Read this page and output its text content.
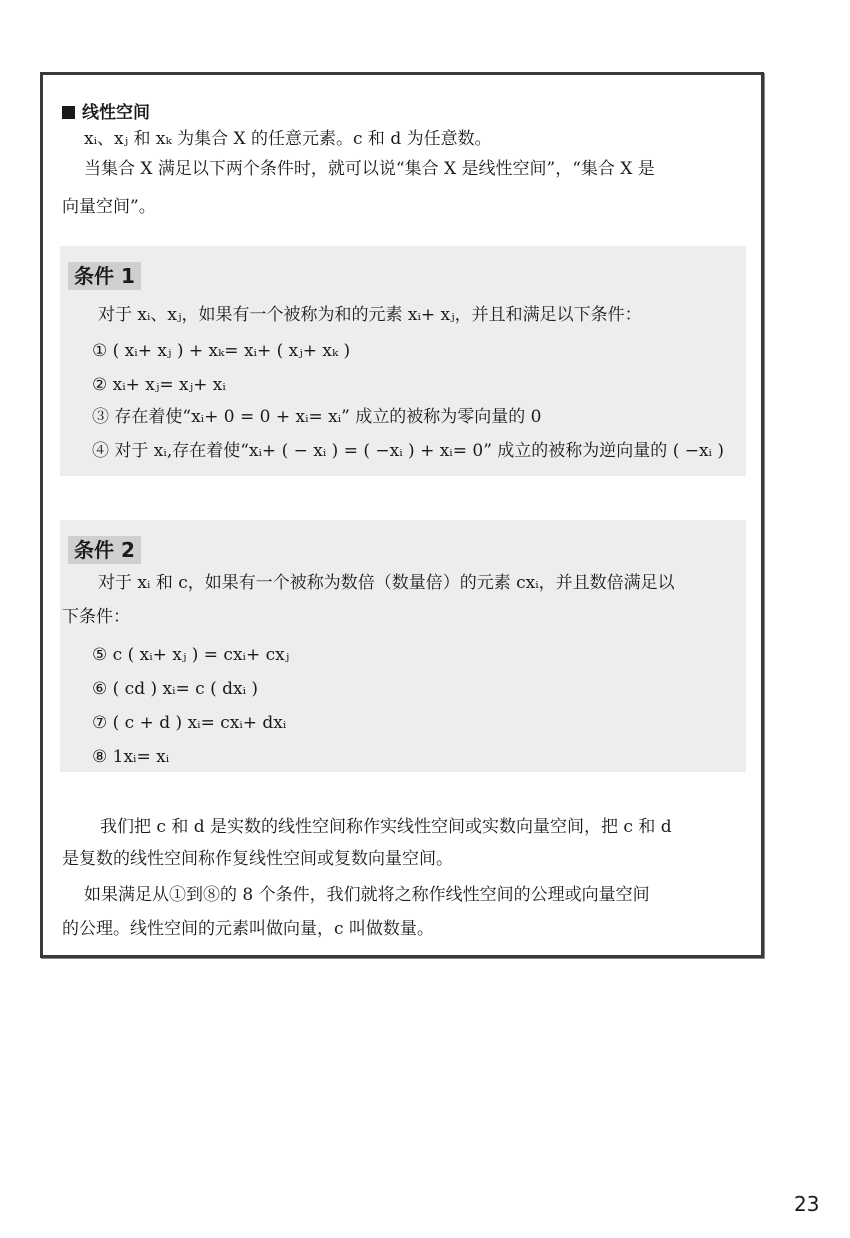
线性空间
xᵢ、xⱼ 和 xₖ 为集合 X 的任意元素。c 和 d 为任意数。
当集合 X 满足以下两个条件时，就可以说“集合 X 是线性空间”，“集合 X 是
向量空间”。
条件 1
对于 xᵢ、xⱼ，如果有一个被称为和的元素 xᵢ+ xⱼ，并且和满足以下条件：
① ( xᵢ+ xⱼ ) + xₖ= xᵢ+ ( xⱼ+ xₖ )
② xᵢ+ xⱼ= xⱼ+ xᵢ
③ 存在着使“xᵢ+ 0 = 0 + xᵢ= xᵢ” 成立的被称为零向量的 0
④ 对于 xᵢ,存在着使“xᵢ+ ( − xᵢ ) = ( −xᵢ ) + xᵢ= 0” 成立的被称为逆向量的 ( −xᵢ )
条件 2
对于 xᵢ 和 c，如果有一个被称为数倍（数量倍）的元素 cxᵢ，并且数倍满足以
下条件：
⑤ c ( xᵢ+ xⱼ ) = cxᵢ+ cxⱼ
⑥ ( cd ) xᵢ= c ( dxᵢ )
⑦ ( c + d ) xᵢ= cxᵢ+ dxᵢ
⑧ 1xᵢ= xᵢ
我们把 c 和 d 是实数的线性空间称作实线性空间或实数向量空间，把 c 和 d
是复数的线性空间称作复线性空间或复数向量空间。
如果满足从①到⑧的 8 个条件，我们就将之称作线性空间的公理或向量空间
的公理。线性空间的元素叫做向量，c 叫做数量。
23
